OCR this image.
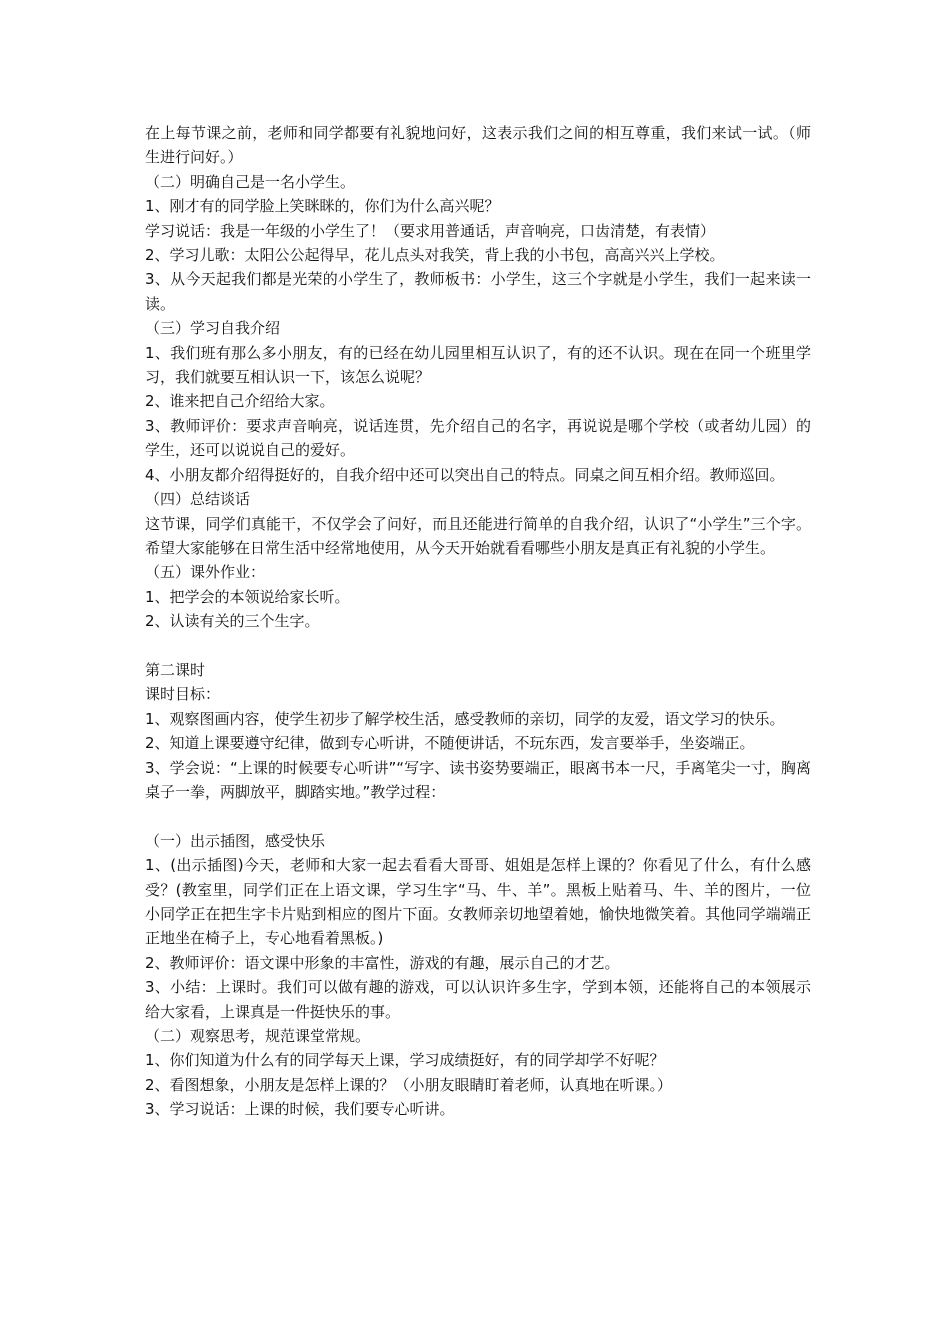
在上每节课之前，老师和同学都要有礼貌地问好，这表示我们之间的相互尊重，我们来试一试。（师生进行问好。）

（二）明确自己是一名小学生。

1、刚才有的同学脸上笑眯眯的，你们为什么高兴呢？

学习说话：我是一年级的小学生了！（要求用普通话，声音响亮，口齿清楚，有表情）

2、学习儿歌：太阳公公起得早，花儿点头对我笑，背上我的小书包，高高兴兴上学校。

3、从今天起我们都是光荣的小学生了，教师板书：小学生，这三个字就是小学生，我们一起来读一读。

（三）学习自我介绍

1、我们班有那么多小朋友，有的已经在幼儿园里相互认识了，有的还不认识。现在在同一个班里学习，我们就要互相认识一下，该怎么说呢？

2、谁来把自己介绍给大家。

3、教师评价：要求声音响亮，说话连贯，先介绍自己的名字，再说说是哪个学校（或者幼儿园）的学生，还可以说说自己的爱好。

4、小朋友都介绍得挺好的，自我介绍中还可以突出自己的特点。同桌之间互相介绍。教师巡回。

（四）总结谈话

这节课，同学们真能干，不仅学会了问好，而且还能进行简单的自我介绍，认识了“小学生”三个字。希望大家能够在日常生活中经常地使用，从今天开始就看看哪些小朋友是真正有礼貌的小学生。

（五）课外作业：

1、把学会的本领说给家长听。

2、认读有关的三个生字。

第二课时

课时目标：

1、观察图画内容，使学生初步了解学校生活，感受教师的亲切，同学的友爱，语文学习的快乐。

2、知道上课要遵守纪律，做到专心听讲，不随便讲话，不玩东西，发言要举手，坐姿端正。

3、学会说：“上课的时候要专心听讲”“写字、读书姿势要端正，眼离书本一尺，手离笔尖一寸，胸离桌子一拳，两脚放平，脚踏实地。”教学过程：

（一）出示插图，感受快乐

1、(出示插图)今天，老师和大家一起去看看大哥哥、姐姐是怎样上课的？你看见了什么，有什么感受？(教室里，同学们正在上语文课，学习生字“马、牛、羊”。黑板上贴着马、牛、羊的图片，一位小同学正在把生字卡片贴到相应的图片下面。女教师亲切地望着她，愉快地微笑着。其他同学端端正正地坐在椅子上，专心地看着黑板。)

2、教师评价：语文课中形象的丰富性，游戏的有趣，展示自己的才艺。

3、小结：上课时。我们可以做有趣的游戏，可以认识许多生字，学到本领，还能将自己的本领展示给大家看，上课真是一件挺快乐的事。

（二）观察思考，规范课堂常规。

1、你们知道为什么有的同学每天上课，学习成绩挺好，有的同学却学不好呢？

2、看图想象，小朋友是怎样上课的？（小朋友眼睛盯着老师，认真地在听课。）

3、学习说话：上课的时候，我们要专心听讲。
